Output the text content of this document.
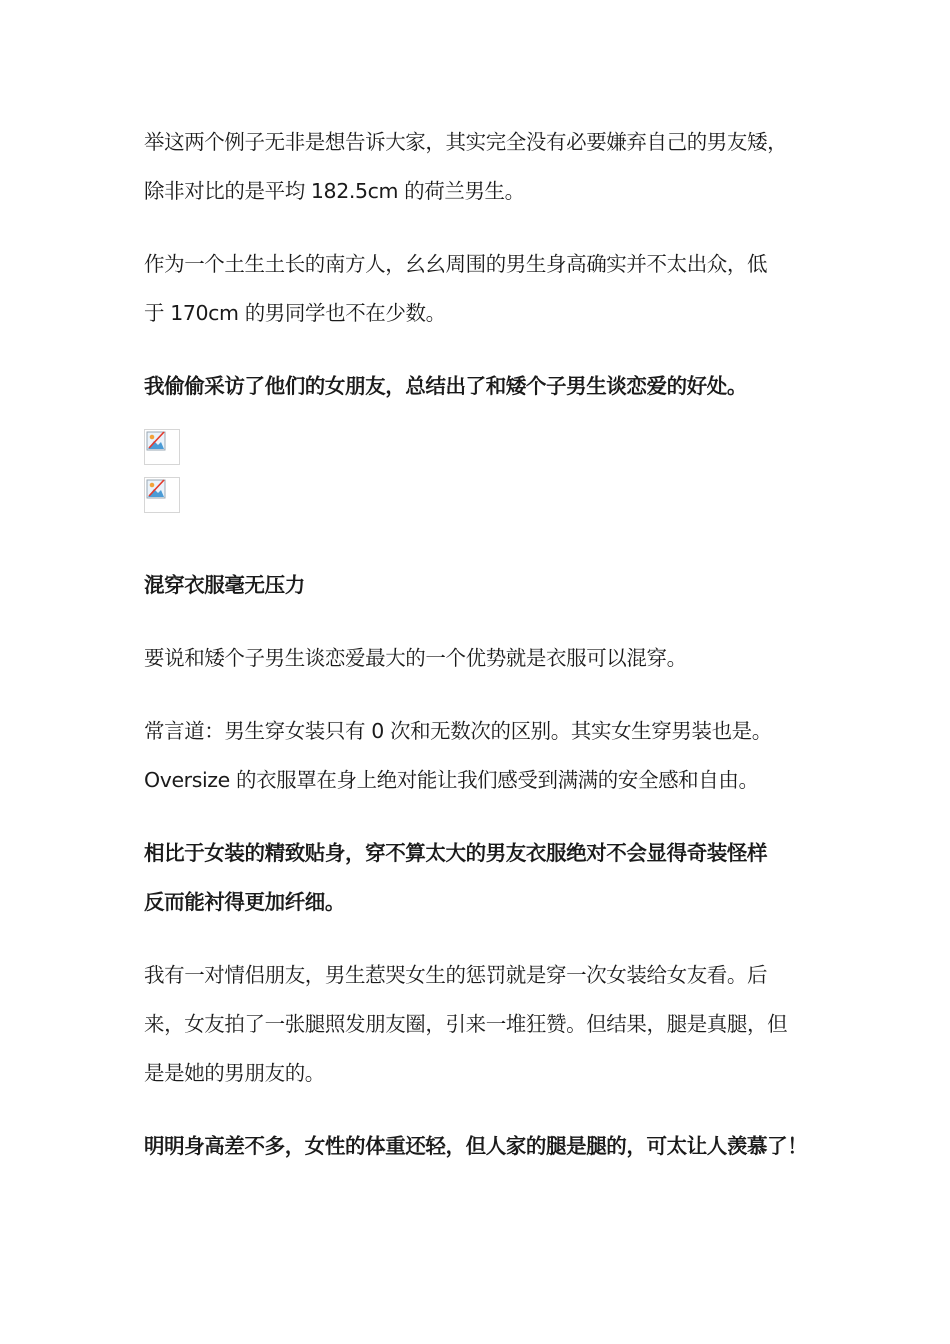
举这两个例子无非是想告诉大家，其实完全没有必要嫌弃自己的男友矮，

除非对比的是平均 182.5cm 的荷兰男生。

作为一个土生土长的南方人，幺幺周围的男生身高确实并不太出众，低

于 170cm 的男同学也不在少数。

我偷偷采访了他们的女朋友，总结出了和矮个子男生谈恋爱的好处。

混穿衣服毫无压力

要说和矮个子男生谈恋爱最大的一个优势就是衣服可以混穿。

常言道：男生穿女装只有 0 次和无数次的区别。其实女生穿男装也是。

Oversize 的衣服罩在身上绝对能让我们感受到满满的安全感和自由。

相比于女装的精致贴身，穿不算太大的男友衣服绝对不会显得奇装怪样

反而能衬得更加纤细。

我有一对情侣朋友，男生惹哭女生的惩罚就是穿一次女装给女友看。后

来，女友拍了一张腿照发朋友圈，引来一堆狂赞。但结果，腿是真腿，但

是是她的男朋友的。

明明身高差不多，女性的体重还轻，但人家的腿是腿的，可太让人羡慕了！
